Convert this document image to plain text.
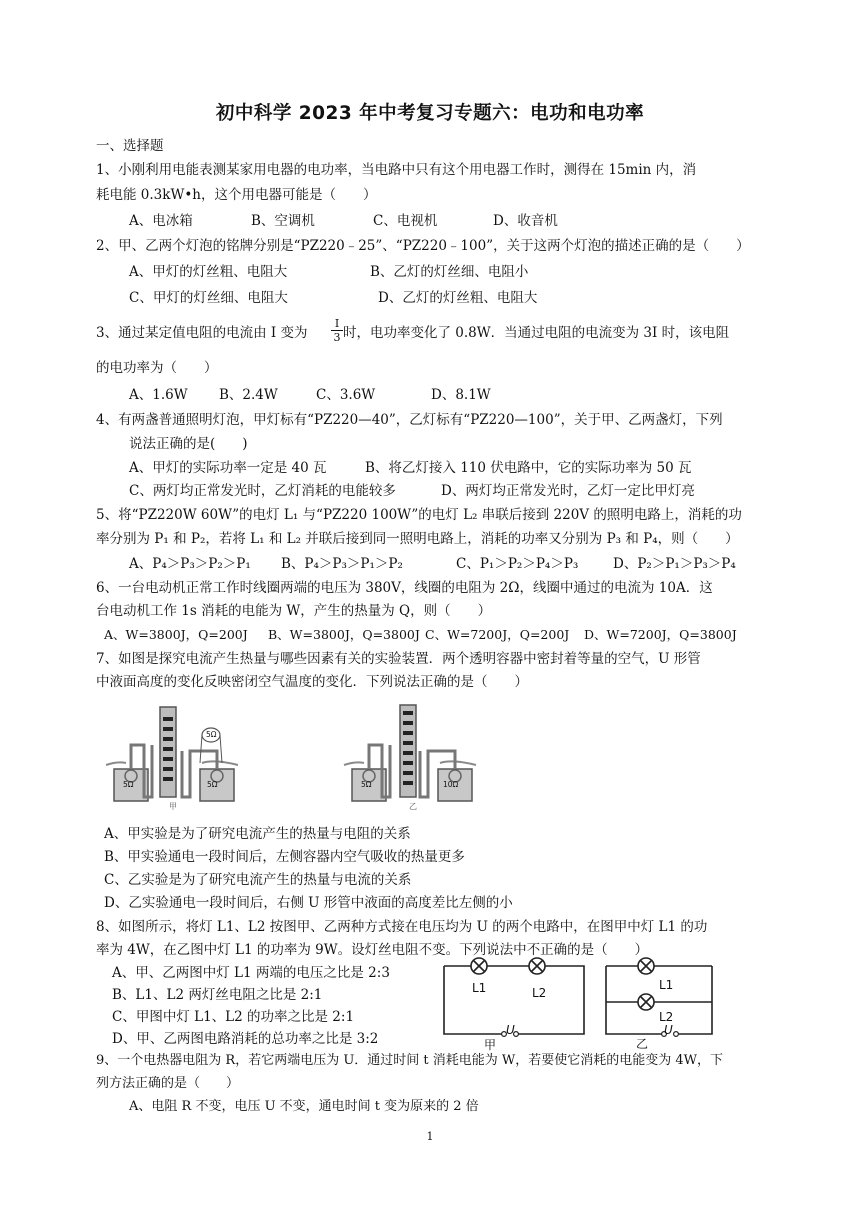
初中科学 2023 年中考复习专题六：电功和电功率
一、选择题
1、小刚利用电能表测某家用电器的电功率，当电路中只有这个用电器工作时，测得在 15min 内，消
耗电能 0.3kW•h，这个用电器可能是（　　）
A、电冰箱	B、空调机	C、电视机	D、收音机
2、甲、乙两个灯泡的铭牌分别是“PZ220﹣25”、“PZ220﹣100”，关于这两个灯泡的描述正确的是（　　）
A、甲灯的灯丝粗、电阻大	B、乙灯的灯丝细、电阻小
C、甲灯的灯丝细、电阻大	D、乙灯的灯丝粗、电阻大
3、通过某定值电阻的电流由 I 变为
I
3 时，电功率变化了 0.8W．当通过电阻的电流变为 3I 时，该电阻
的电功率为（　　）
A、1.6W B、2.4W	C、3.6W	D、8.1W
4、有两盏普通照明灯泡，甲灯标有“PZ220—40”，乙灯标有“PZ220—100”，关于甲、乙两盏灯，下列
说法正确的是(　　)
A、甲灯的实际功率一定是 40 瓦	B、将乙灯接入 110 伏电路中，它的实际功率为 50 瓦
C、两灯均正常发光时，乙灯消耗的电能较多	D、两灯均正常发光时，乙灯一定比甲灯亮
5、将“PZ220W 60W”的电灯 L₁ 与“PZ220 100W”的电灯 L₂ 串联后接到 220V 的照明电路上，消耗的功
率分别为 P₁ 和 P₂，若将 L₁ 和 L₂ 并联后接到同一照明电路上，消耗的功率又分别为 P₃ 和 P₄，则（　　）
A、P₄＞P₃＞P₂＞P₁ B、P₄＞P₃＞P₁＞P₂	C、P₁＞P₂＞P₄＞P₃	D、P₂＞P₁＞P₃＞P₄
6、一台电动机正常工作时线圈两端的电压为 380V，线圈的电阻为 2Ω，线圈中通过的电流为 10A．这
台电动机工作 1s 消耗的电能为 W，产生的热量为 Q，则（　　）
A、W=3800J，Q=200J B、W=3800J，Q=3800J C、W=7200J，Q=200J D、W=7200J，Q=3800J
7、如图是探究电流产生热量与哪些因素有关的实验装置．两个透明容器中密封着等量的空气，U 形管
中液面高度的变化反映密闭空气温度的变化．下列说法正确的是（　　）
5Ω
5Ω
5Ω
甲
5Ω	10Ω
乙
A、甲实验是为了研究电流产生的热量与电阻的关系
B、甲实验通电一段时间后，左侧容器内空气吸收的热量更多
C、乙实验是为了研究电流产生的热量与电流的关系
D、乙实验通电一段时间后，右侧 U 形管中液面的高度差比左侧的小
8、如图所示，将灯 L1、L2 按图甲、乙两种方式接在电压均为 U 的两个电路中，在图甲中灯 L1 的功
率为 4W，在乙图中灯 L1 的功率为 9W。设灯丝电阻不变。下列说法中不正确的是（　　）
A、甲、乙两图中灯 L1 两端的电压之比是 2:3
B、L1、L2 两灯丝电阻之比是 2:1
C、甲图中灯 L1、L2 的功率之比是 2:1
D、甲、乙两图电路消耗的总功率之比是 3:2
L1	L2
U
甲
L1
L2
U
乙
9、一个电热器电阻为 R，若它两端电压为 U．通过时间 t 消耗电能为 W，若要使它消耗的电能变为 4W，下
列方法正确的是（　　）
A、电阻 R 不变，电压 U 不变，通电时间 t 变为原来的 2 倍
1
